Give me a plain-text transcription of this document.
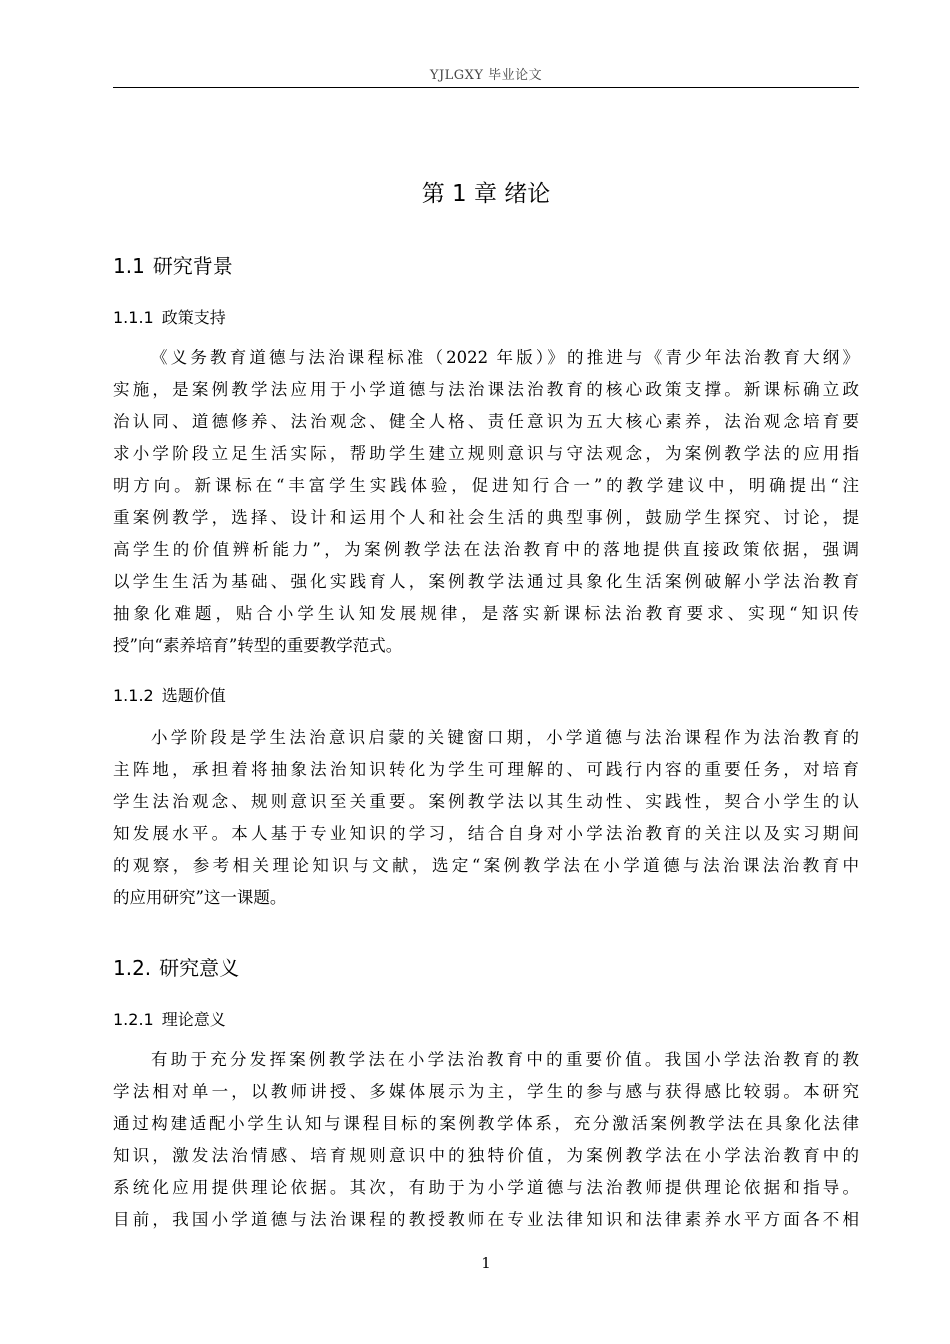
YJLGXY 毕业论文
第 1 章 绪论
1.1 研究背景
1.1.1 政策支持
《义务教育道德与法治课程标准（2022 年版）》的推进与《青少年法治教育大纲》
实施，是案例教学法应用于小学道德与法治课法治教育的核心政策支撑。新课标确立政
治认同、道德修养、法治观念、健全人格、责任意识为五大核心素养，法治观念培育要
求小学阶段立足生活实际，帮助学生建立规则意识与守法观念，为案例教学法的应用指
明方向。新课标在“丰富学生实践体验，促进知行合一”的教学建议中，明确提出“注
重案例教学，选择、设计和运用个人和社会生活的典型事例，鼓励学生探究、讨论，提
高学生的价值辨析能力”，为案例教学法在法治教育中的落地提供直接政策依据，强调
以学生生活为基础、强化实践育人，案例教学法通过具象化生活案例破解小学法治教育
抽象化难题，贴合小学生认知发展规律，是落实新课标法治教育要求、实现“知识传
授”向“素养培育”转型的重要教学范式。
1.1.2 选题价值
小学阶段是学生法治意识启蒙的关键窗口期，小学道德与法治课程作为法治教育的
主阵地，承担着将抽象法治知识转化为学生可理解的、可践行内容的重要任务，对培育
学生法治观念、规则意识至关重要。案例教学法以其生动性、实践性，契合小学生的认
知发展水平。本人基于专业知识的学习，结合自身对小学法治教育的关注以及实习期间
的观察，参考相关理论知识与文献，选定“案例教学法在小学道德与法治课法治教育中
的应用研究”这一课题。
1.2. 研究意义
1.2.1 理论意义
有助于充分发挥案例教学法在小学法治教育中的重要价值。我国小学法治教育的教
学法相对单一，以教师讲授、多媒体展示为主，学生的参与感与获得感比较弱。本研究
通过构建适配小学生认知与课程目标的案例教学体系，充分激活案例教学法在具象化法律
知识，激发法治情感、培育规则意识中的独特价值，为案例教学法在小学法治教育中的
系统化应用提供理论依据。其次，有助于为小学道德与法治教师提供理论依据和指导。
目前，我国小学道德与法治课程的教授教师在专业法律知识和法律素养水平方面各不相
1
